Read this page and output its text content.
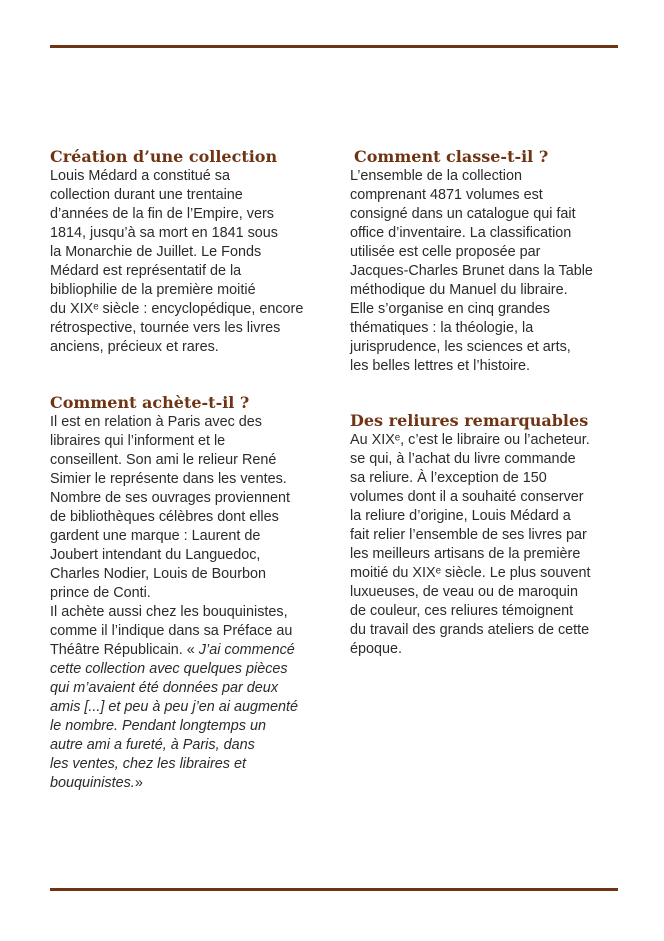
Création d’une collection
Louis Médard a constitué sa
collection durant une trentaine
d’années de la fin de l’Empire, vers
1814, jusqu’à sa mort en 1841 sous
la Monarchie de Juillet. Le Fonds
Médard est représentatif de la
bibliophilie de la première moitié
du XIXᵉ siècle : encyclopédique, encore
rétrospective, tournée vers les livres
anciens, précieux et rares.
Comment achète-t-il ?
Il est en relation à Paris avec des
libraires qui l’informent et le
conseillent. Son ami le relieur René
Simier le représente dans les ventes.
Nombre de ses ouvrages proviennent
de bibliothèques célèbres dont elles
gardent une marque : Laurent de
Joubert intendant du Languedoc,
Charles Nodier, Louis de Bourbon
prince de Conti.
Il achète aussi chez les bouquinistes,
comme il l’indique dans sa Préface au
Théâtre Républicain. « J’ai commencé
cette collection avec quelques pièces
qui m’avaient été données par deux
amis [...] et peu à peu j’en ai augmenté
le nombre. Pendant longtemps un
autre ami a fureté, à Paris, dans
les ventes, chez les libraires et
bouquinistes.»
Comment classe-t-il ?
L’ensemble de la collection
comprenant 4871 volumes est
consigné dans un catalogue qui fait
office d’inventaire. La classification
utilisée est celle proposée par
Jacques-Charles Brunet dans la Table
méthodique du Manuel du libraire.
Elle s’organise en cinq grandes
thématiques : la théologie, la
jurisprudence, les sciences et arts,
les belles lettres et l’histoire.
Des reliures remarquables
Au XIXᵉ, c’est le libraire ou l’acheteur.
se qui, à l’achat du livre commande
sa reliure. À l’exception de 150
volumes dont il a souhaité conserver
la reliure d’origine, Louis Médard a
fait relier l’ensemble de ses livres par
les meilleurs artisans de la première
moitié du XIXᵉ siècle. Le plus souvent
luxueuses, de veau ou de maroquin
de couleur, ces reliures témoignent
du travail des grands ateliers de cette
époque.
